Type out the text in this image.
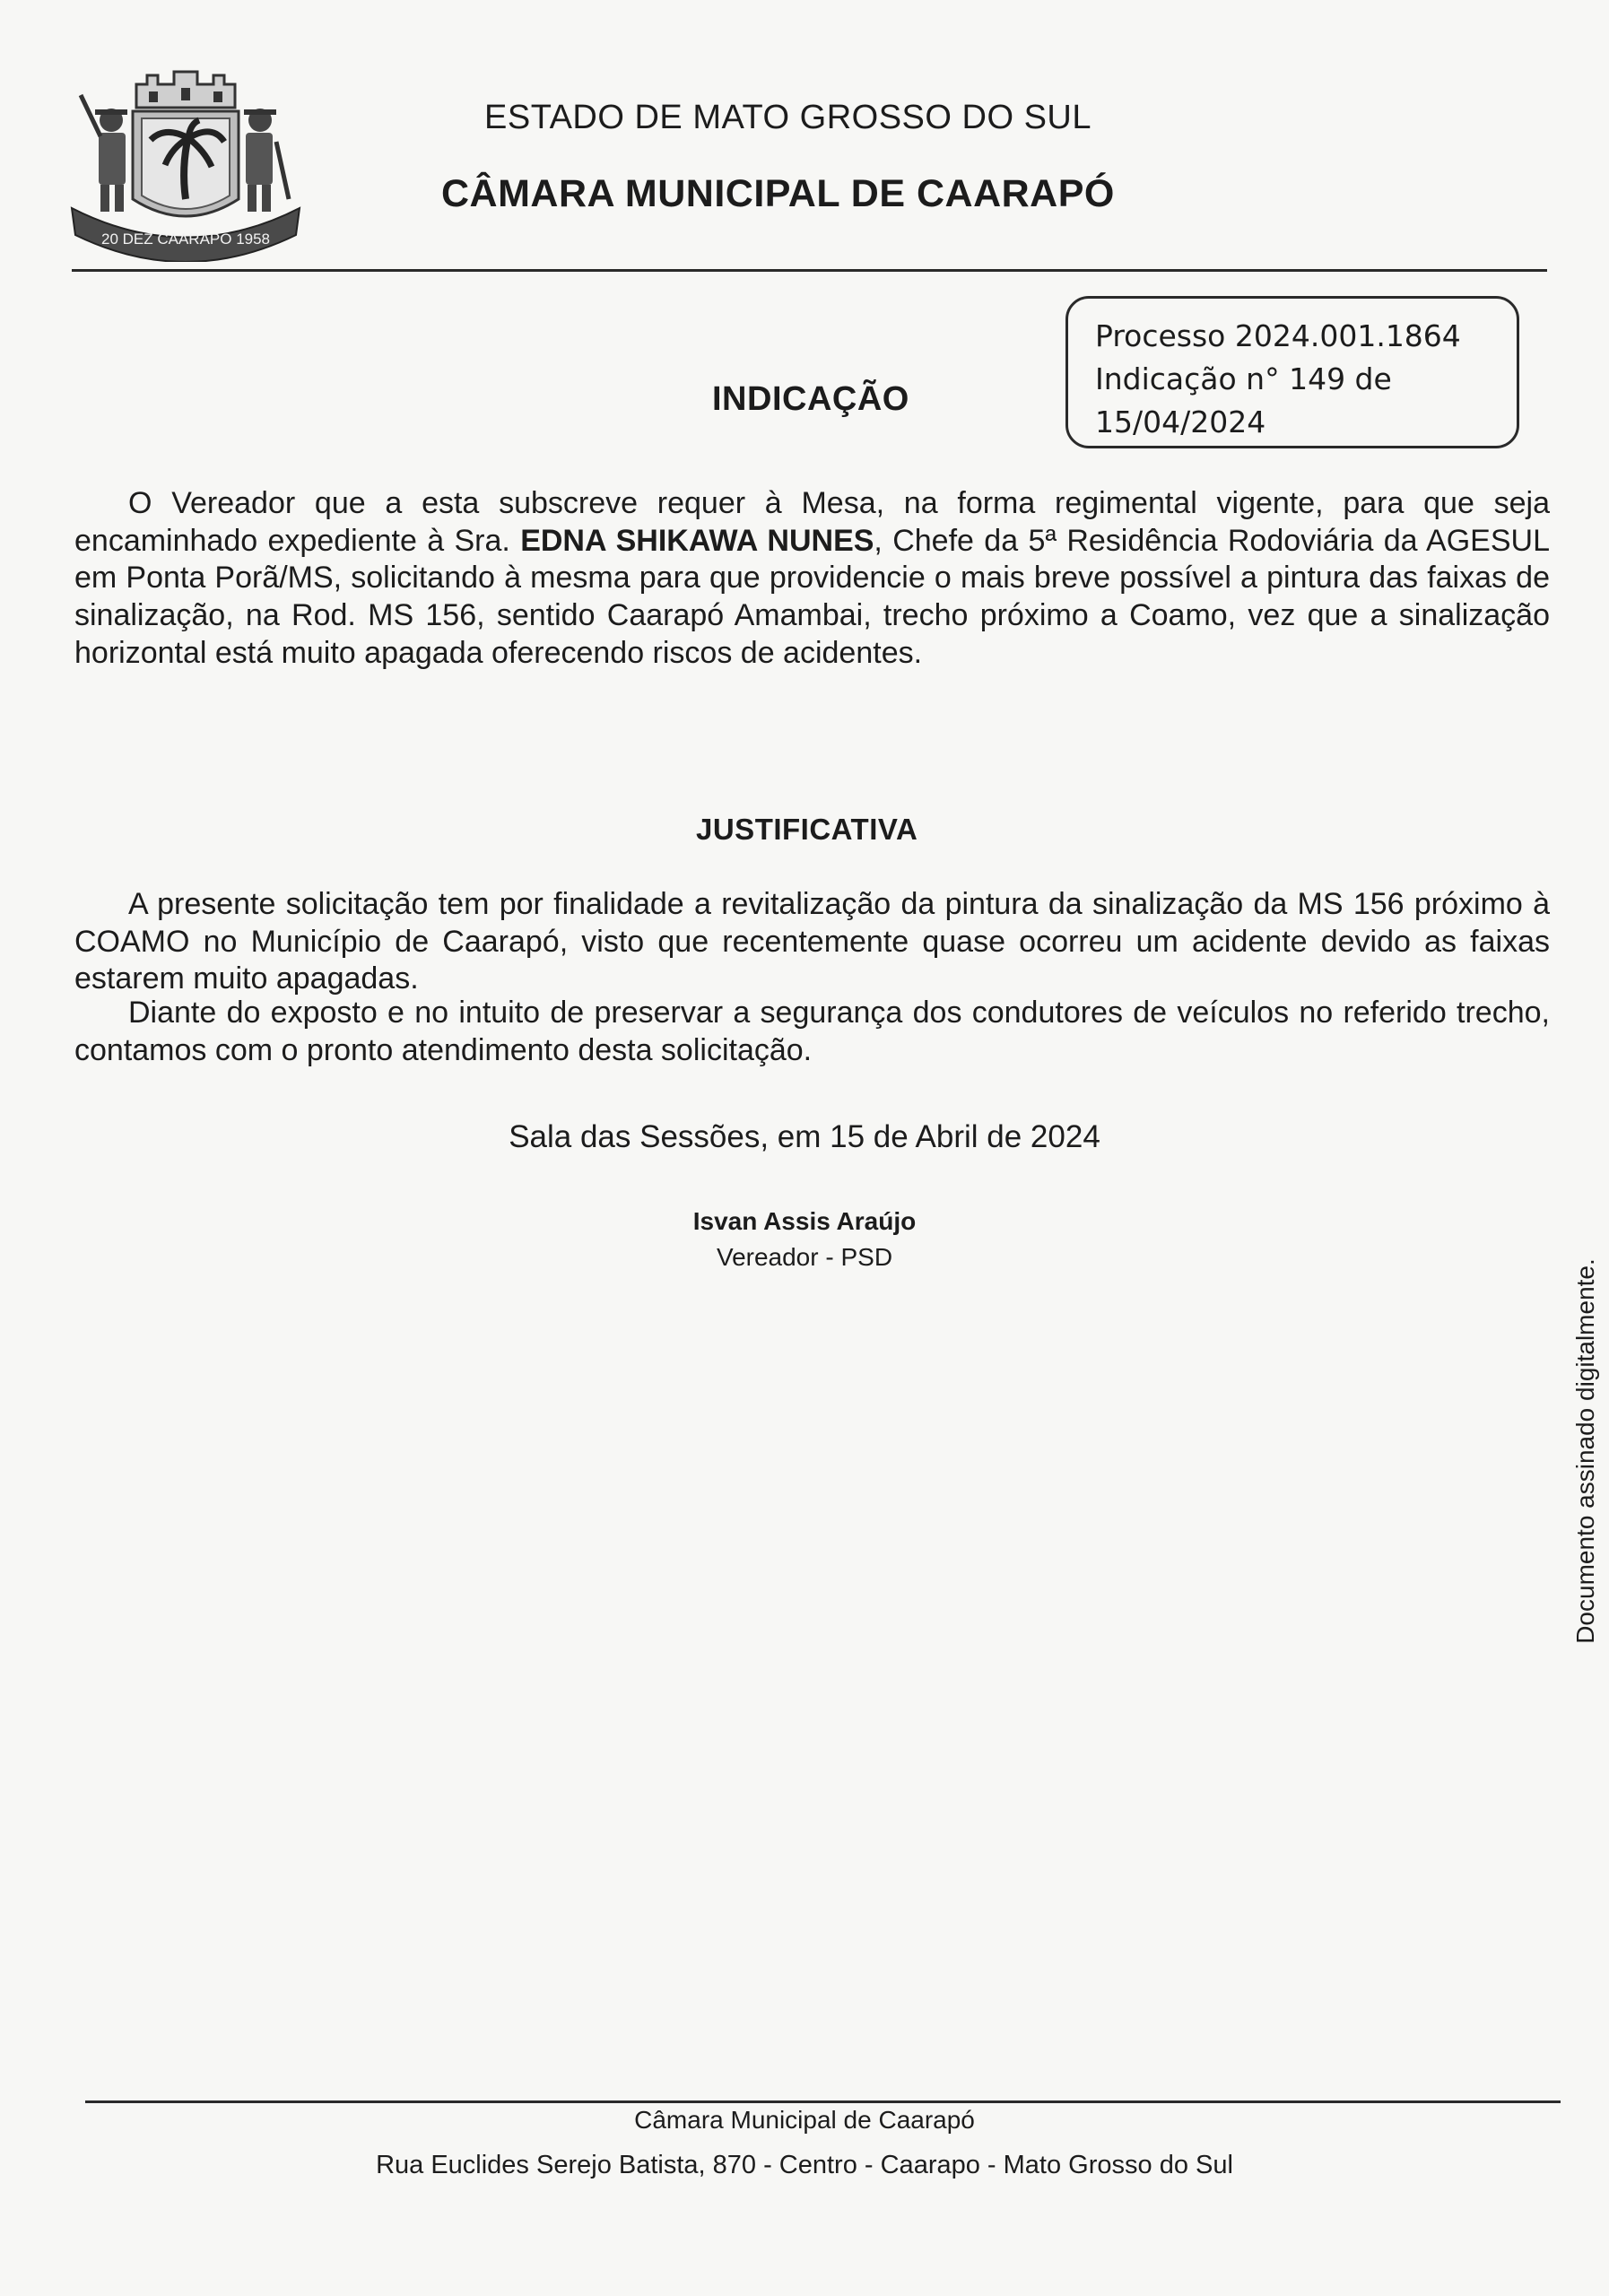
20 DEZ CAARAPÓ 1958
ESTADO DE MATO GROSSO DO SUL
CÂMARA MUNICIPAL DE CAARAPÓ
Processo 2024.001.1864
Indicação n° 149 de
15/04/2024
INDICAÇÃO
O Vereador que a esta subscreve requer à Mesa, na forma regimental vigente, para que seja encaminhado expediente à Sra. EDNA SHIKAWA NUNES, Chefe da 5ª Residência Rodoviária da AGESUL em Ponta Porã/MS, solicitando à mesma para que providencie o mais breve possível a pintura das faixas de sinalização, na Rod. MS 156, sentido Caarapó Amambai, trecho próximo a Coamo, vez que a sinalização horizontal está muito apagada oferecendo riscos de acidentes.
JUSTIFICATIVA
A presente solicitação tem por finalidade a revitalização da pintura da sinalização da MS 156 próximo à COAMO no Município de Caarapó, visto que recentemente quase ocorreu um acidente devido as faixas estarem muito apagadas.
Diante do exposto e no intuito de preservar a segurança dos condutores de veículos no referido trecho, contamos com o pronto atendimento desta solicitação.
Sala das Sessões, em 15 de Abril de 2024
Isvan Assis Araújo
Vereador - PSD
Documento assinado digitalmente.
Câmara Municipal de Caarapó
Rua Euclides Serejo Batista, 870 - Centro - Caarapo - Mato Grosso do Sul
